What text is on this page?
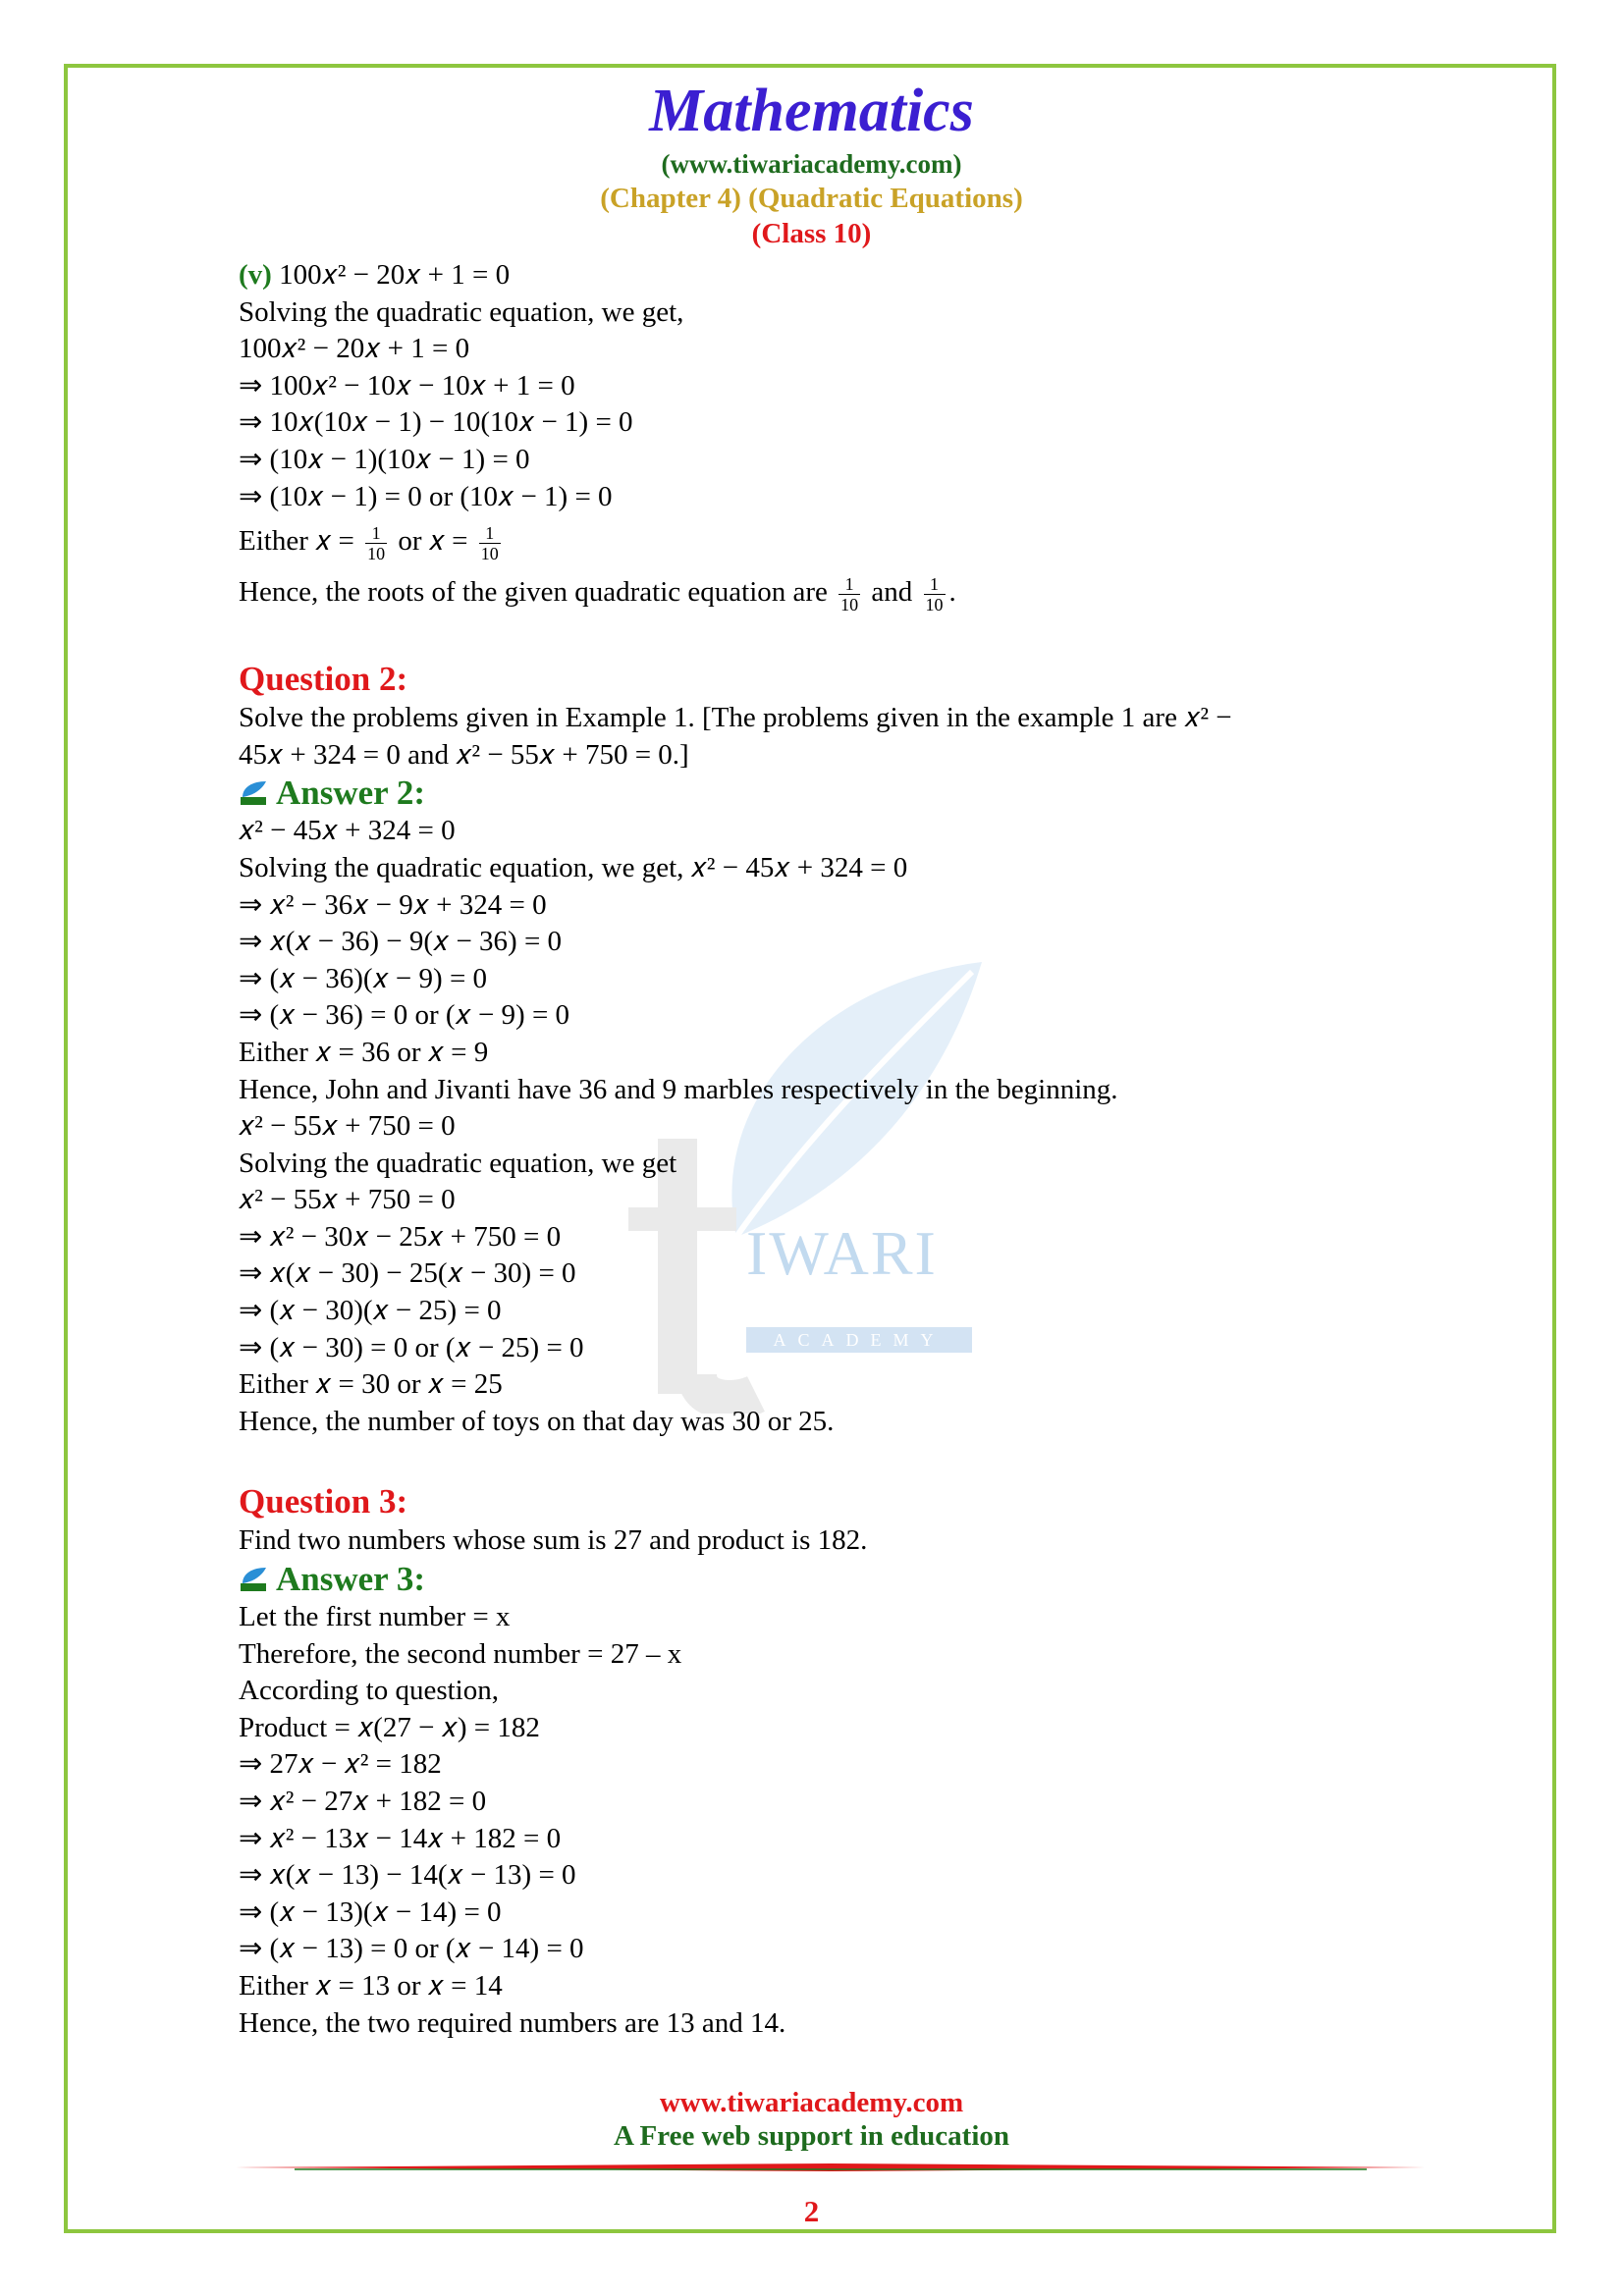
Mathematics
(www.tiwariacademy.com)
(Chapter 4) (Quadratic Equations)
(Class 10)
IWARI
ACADEMY
(v) 100𝑥² − 20𝑥 + 1 = 0
Solving the quadratic equation, we get,
100𝑥² − 20𝑥 + 1 = 0
⇒ 100𝑥² − 10𝑥 − 10𝑥 + 1 = 0
⇒ 10𝑥(10𝑥 − 1) − 10(10𝑥 − 1) = 0
⇒ (10𝑥 − 1)(10𝑥 − 1) = 0
⇒ (10𝑥 − 1) = 0 or (10𝑥 − 1) = 0
Either 𝑥 = $\frac{1}{10}$ or 𝑥 = $\frac{1}{10}$
Hence, the roots of the given quadratic equation are $\frac{1}{10}$ and $\frac{1}{10}$ .
Question 2:
Solve the problems given in Example 1. [The problems given in the example 1 are 𝑥² −
45𝑥 + 324 = 0 and 𝑥² − 55𝑥 + 750 = 0.]
Answer 2:
𝑥² − 45𝑥 + 324 = 0
Solving the quadratic equation, we get, 𝑥² − 45𝑥 + 324 = 0
⇒ 𝑥² − 36𝑥 − 9𝑥 + 324 = 0
⇒ 𝑥(𝑥 − 36) − 9(𝑥 − 36) = 0
⇒ (𝑥 − 36)(𝑥 − 9) = 0
⇒ (𝑥 − 36) = 0 or (𝑥 − 9) = 0
Either 𝑥 = 36 or 𝑥 = 9
Hence, John and Jivanti have 36 and 9 marbles respectively in the beginning.
𝑥² − 55𝑥 + 750 = 0
Solving the quadratic equation, we get
𝑥² − 55𝑥 + 750 = 0
⇒ 𝑥² − 30𝑥 − 25𝑥 + 750 = 0
⇒ 𝑥(𝑥 − 30) − 25(𝑥 − 30) = 0
⇒ (𝑥 − 30)(𝑥 − 25) = 0
⇒ (𝑥 − 30) = 0 or (𝑥 − 25) = 0
Either 𝑥 = 30 or 𝑥 = 25
Hence, the number of toys on that day was 30 or 25.
Question 3:
Find two numbers whose sum is 27 and product is 182.
Answer 3:
Let the first number = x
Therefore, the second number = 27 – x
According to question,
Product = 𝑥(27 − 𝑥) = 182
⇒ 27𝑥 − 𝑥² = 182
⇒ 𝑥² − 27𝑥 + 182 = 0
⇒ 𝑥² − 13𝑥 − 14𝑥 + 182 = 0
⇒ 𝑥(𝑥 − 13) − 14(𝑥 − 13) = 0
⇒ (𝑥 − 13)(𝑥 − 14) = 0
⇒ (𝑥 − 13) = 0 or (𝑥 − 14) = 0
Either 𝑥 = 13 or 𝑥 = 14
Hence, the two required numbers are 13 and 14.
www.tiwariacademy.com
A Free web support in education
2
